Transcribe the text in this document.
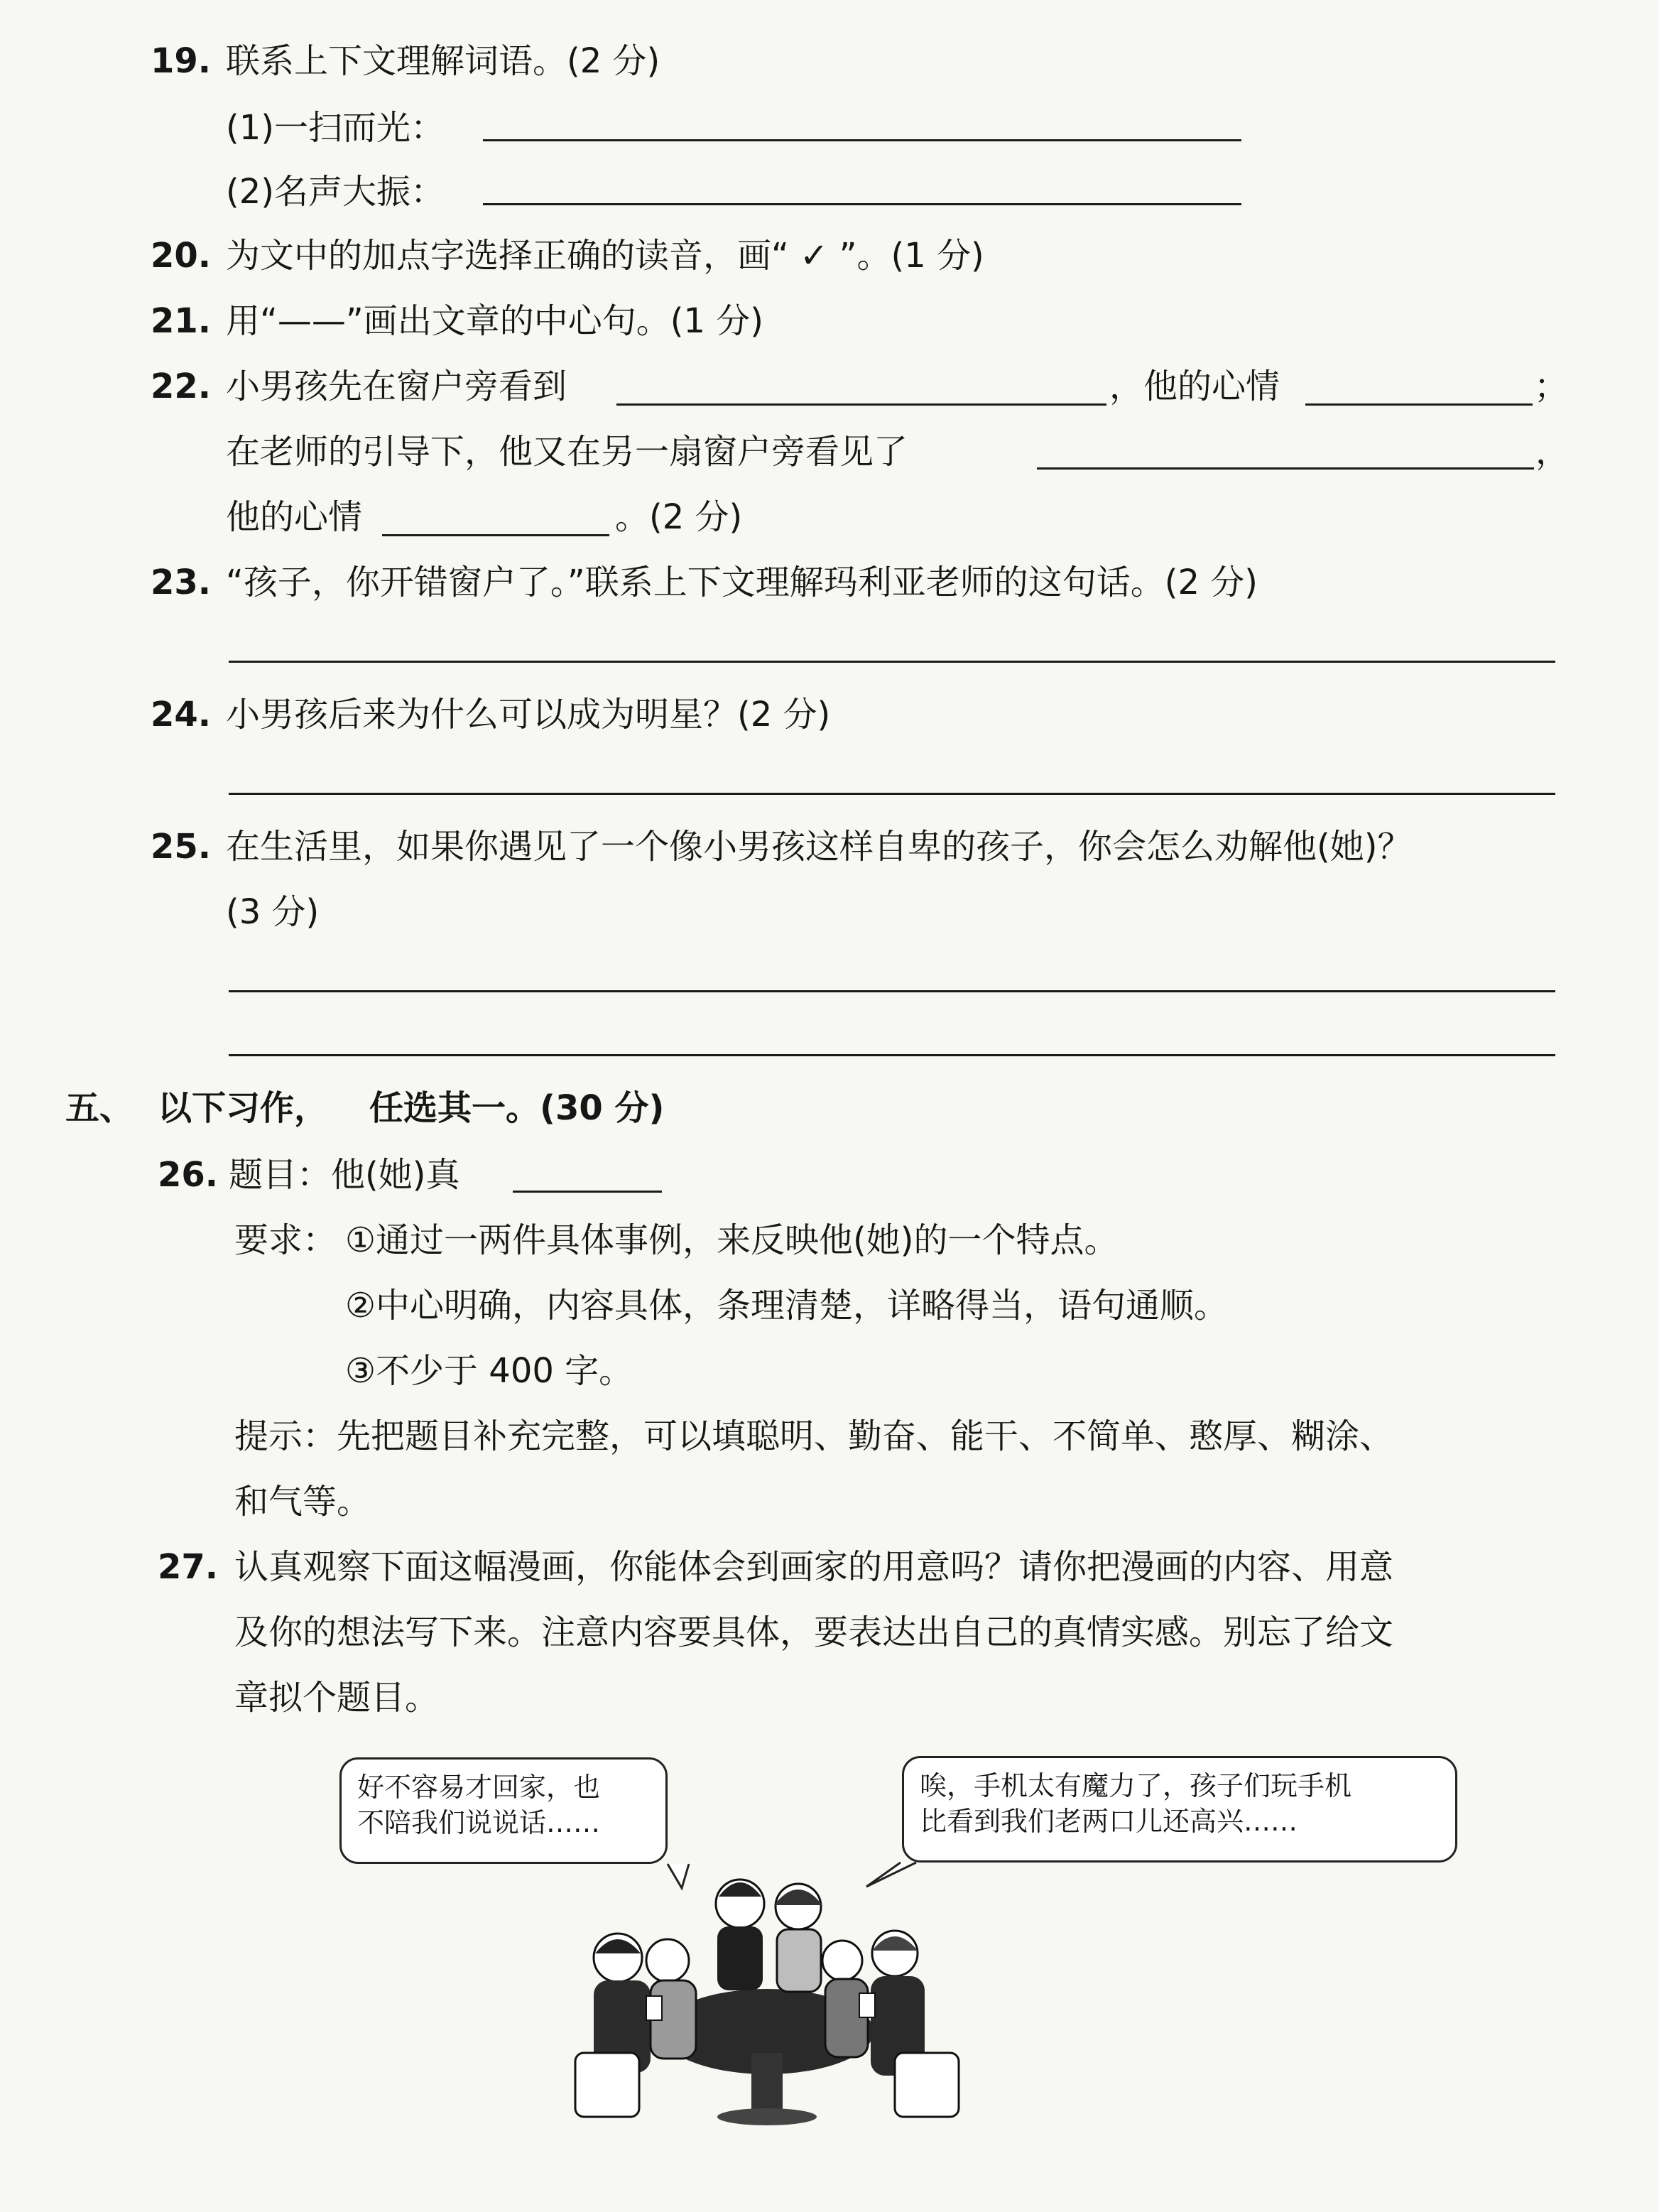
19. 联系上下文理解词语。(2 分)
(1)一扫而光：
(2)名声大振：
20. 为文中的加点字选择正确的读音，画“ ✓ ”。(1 分)
21. 用“——”画出文章的中心句。(1 分)
22. 小男孩先在窗户旁看到	，他的心情	；
在老师的引导下，他又在另一扇窗户旁看见了	，
他的心情	。(2 分)
23. “孩子，你开错窗户了。”联系上下文理解玛利亚老师的这句话。(2 分)
24. 小男孩后来为什么可以成为明星？(2 分)
25. 在生活里，如果你遇见了一个像小男孩这样自卑的孩子，你会怎么劝解他(她)？
(3 分)
五、 以下习作， 任选其一。(30 分)
26. 题目：他(她)真
要求： ①通过一两件具体事例，来反映他(她)的一个特点。
②中心明确，内容具体，条理清楚，详略得当，语句通顺。
③不少于 400 字。
提示：先把题目补充完整，可以填聪明、勤奋、能干、不简单、憨厚、糊涂、
和气等。
27. 认真观察下面这幅漫画，你能体会到画家的用意吗？请你把漫画的内容、用意
及你的想法写下来。注意内容要具体，要表达出自己的真情实感。别忘了给文
章拟个题目。

好不容易才回家，也

不陪我们说说话……

唉，手机太有魔力了，孩子们玩手机

比看到我们老两口儿还高兴……
